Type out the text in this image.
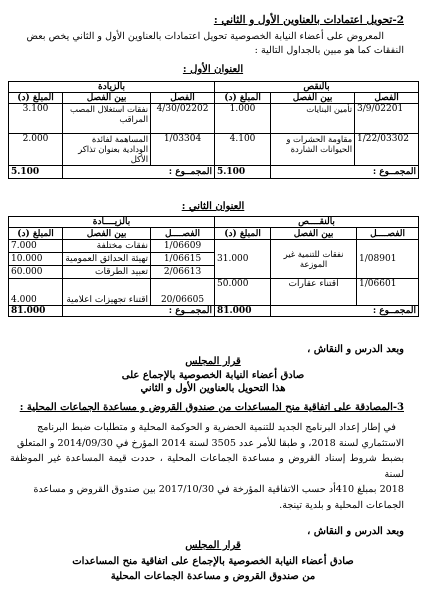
2-تحويل اعتمادات بالعناوين الأول و الثاني :
المعروض على أعضاء النيابة الخصوصية تحويل اعتمادات بالعناوين الأول و الثاني يخص بعض
النفقات كما هو مبين بالجداول التالية :
العنوان الأول :
بالنقص			بالزيادة		
الفصل	بين الفصل	المبلغ (د)	الفصل	بين الفصل	المبلغ (د)
3/9/02201	تأمين البنايات	1.000	4/30/02202	نفقات استغلال المصب المراقب	3.100
1/22/03302	مقاومة الحشرات و الحيوانات الشاردة	4.100	1/03304	المساهمة لفائدة الودادية بعنوان تذاكر الأكل	2.000
المجمــوع :		5.100	المجمــوع :		5.100
العنوان الثاني :
بالنقــــص			بالزيــــادة		
الفصــــل	بين الفصل	المبلغ (د)	الفصــــل	بين الفصل	المبلغ (د)
1/08901	نفقات للتنمية غير الموزعة	31.000	1/06609	نفقات مختلفة	7.000
			1/06615	تهيئة الحدائق العمومية	10.000
			2/06613	تعبيد الطرقات	60.000
1/06601	اقتناء عقارات	50.000	20/06605	اقتناء تجهيزات اعلامية	4.000
المجمــوع :		81.000	المجمــوع :		81.000
وبعد الدرس و النقاش ،
قرار المجلس
صادق أعضاء النيابة الخصوصية بالإجماع على
هذا التحويل بالعناوين الأول و الثاني
3-المصادقة على اتفاقية منح المساعدات من صندوق القروض و مساعدة الجماعات المحلية :
في إطار إعداد البرنامج الجديد للتنمية الحضرية و الحوكمة المحلية و متطلبات ضبط البرنامج
الاستثماري لسنة 2018، و طبقا للأمر عدد 3505 لسنة 2014 المؤرخ في 2014/09/30 و المتعلق
بضبط شروط إسناد القروض و مساعدة الجماعات المحلية ، حددت قيمة المساعدة غير الموظفة لسنة
2018 بمبلغ 410أد حسب الاتفاقية المؤرخة في 2017/10/30 بين صندوق القروض و مساعدة
الجماعات المحلية و بلدية تينجة.
وبعد الدرس و النقاش ،
قرار المجلس
صادق أعضاء النيابة الخصوصية بالإجماع على اتفاقية منح المساعدات
من صندوق القروض و مساعدة الجماعات المحلية
